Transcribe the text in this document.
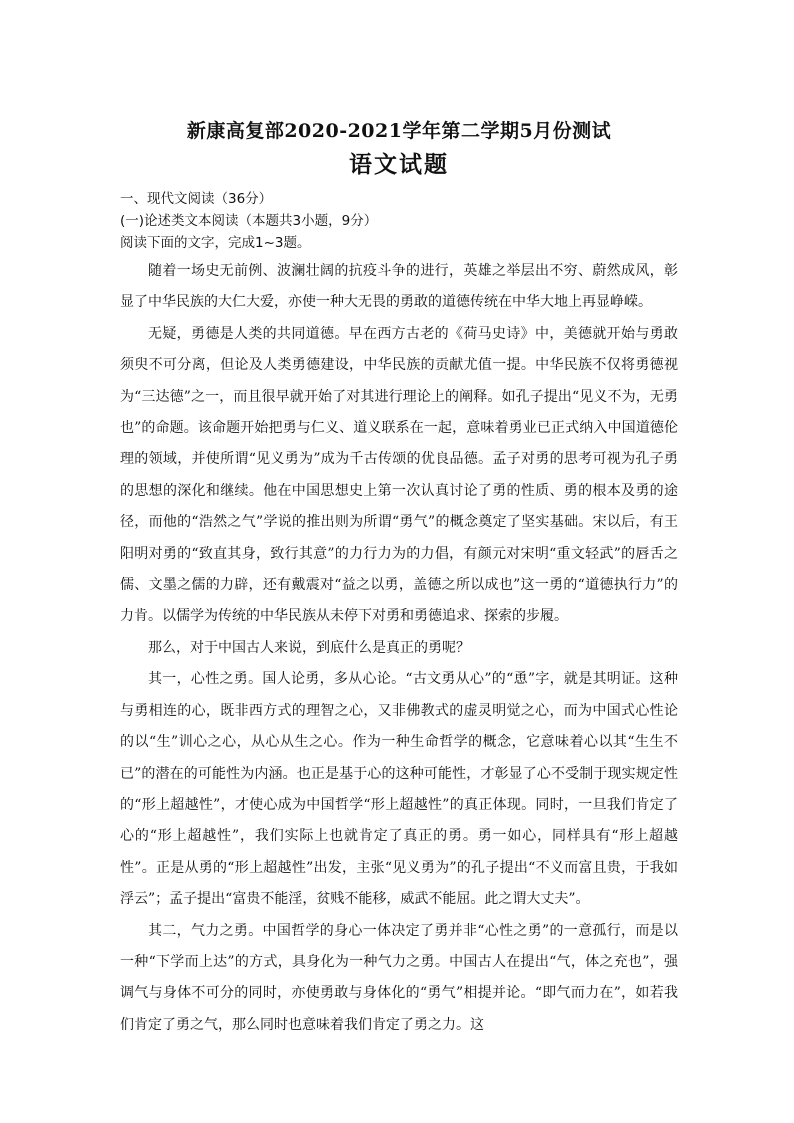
新康高复部2020-2021学年第二学期5月份测试
语文试题

一、现代文阅读（36分）

(一)论述类文本阅读（本题共3小题，9分）

阅读下面的文字，完成1~3题。

随着一场史无前例、波澜壮阔的抗疫斗争的进行，英雄之举层出不穷、蔚然成风，彰显了中华民族的大仁大爱，亦使一种大无畏的勇敢的道德传统在中华大地上再显峥嵘。

无疑，勇德是人类的共同道德。早在西方古老的《荷马史诗》中，美德就开始与勇敢须臾不可分离，但论及人类勇德建设，中华民族的贡献尤值一提。中华民族不仅将勇德视为“三达德”之一，而且很早就开始了对其进行理论上的阐释。如孔子提出“见义不为，无勇也”的命题。该命题开始把勇与仁义、道义联系在一起，意味着勇业已正式纳入中国道德伦理的领域，并使所谓“见义勇为”成为千古传颂的优良品德。孟子对勇的思考可视为孔子勇的思想的深化和继续。他在中国思想史上第一次认真讨论了勇的性质、勇的根本及勇的途径，而他的“浩然之气”学说的推出则为所谓“勇气”的概念奠定了坚实基础。宋以后，有王阳明对勇的“致直其身，致行其意”的力行力为的力倡，有颜元对宋明“重文轻武”的唇舌之儒、文墨之儒的力辟，还有戴震对“益之以勇，盖德之所以成也”这一勇的“道德执行力”的力肯。以儒学为传统的中华民族从未停下对勇和勇德追求、探索的步履。

那么，对于中国古人来说，到底什么是真正的勇呢？

其一，心性之勇。国人论勇，多从心论。“古文勇从心”的“恿”字，就是其明证。这种与勇相连的心，既非西方式的理智之心，又非佛教式的虚灵明觉之心，而为中国式心性论的以“生”训心之心，从心从生之心。作为一种生命哲学的概念，它意味着心以其“生生不已”的潜在的可能性为内涵。也正是基于心的这种可能性，才彰显了心不受制于现实规定性的“形上超越性”，才使心成为中国哲学“形上超越性”的真正体现。同时，一旦我们肯定了心的“形上超越性”，我们实际上也就肯定了真正的勇。勇一如心，同样具有“形上超越性”。正是从勇的“形上超越性”出发，主张“见义勇为”的孔子提出“不义而富且贵，于我如浮云”；孟子提出“富贵不能淫，贫贱不能移，威武不能屈。此之谓大丈夫”。

其二，气力之勇。中国哲学的身心一体决定了勇并非“心性之勇”的一意孤行，而是以一种“下学而上达”的方式，具身化为一种气力之勇。中国古人在提出“气，体之充也”，强调气与身体不可分的同时，亦使勇敢与身体化的“勇气”相提并论。“即气而力在”，如若我们肯定了勇之气，那么同时也意味着我们肯定了勇之力。这
